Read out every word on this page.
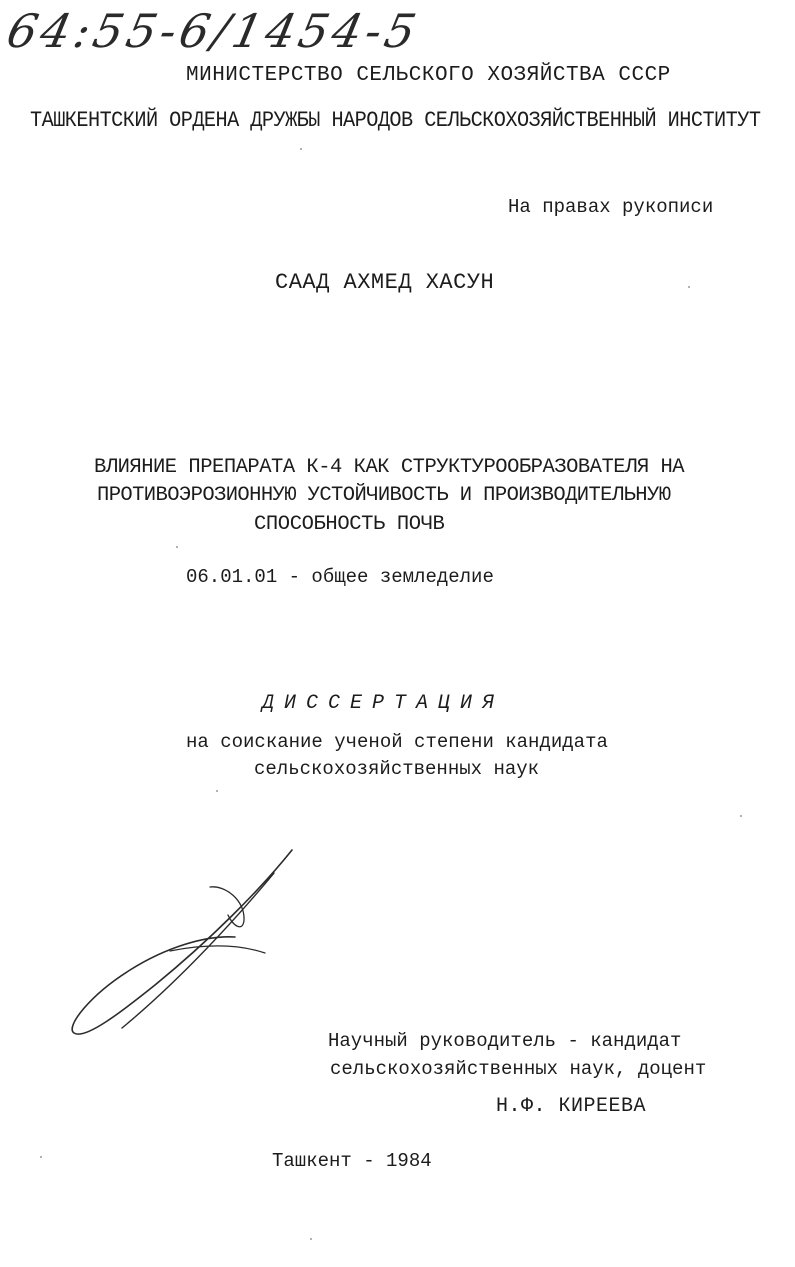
64:55-6/1454-5
МИНИСТЕРСТВО СЕЛЬСКОГО ХОЗЯЙСТВА СССР
ТАШКЕНТСКИЙ ОРДЕНА ДРУЖБЫ НАРОДОВ СЕЛЬСКОХОЗЯЙСТВЕННЫЙ ИНСТИТУТ
На правах рукописи
СААД АХМЕД ХАСУН
ВЛИЯНИЕ ПРЕПАРАТА К-4 КАК СТРУКТУРООБРАЗОВАТЕЛЯ НА
ПРОТИВОЭРОЗИОННУЮ УСТОЙЧИВОСТЬ И ПРОИЗВОДИТЕЛЬНУЮ
СПОСОБНОСТЬ ПОЧВ
06.01.01 - общее земледелие
ДИССЕРТАЦИЯ
на соискание ученой степени кандидата
сельскохозяйственных наук
Научный руководитель - кандидат
сельскохозяйственных наук, доцент
Н.Ф. КИРЕЕВА
Ташкент - 1984
